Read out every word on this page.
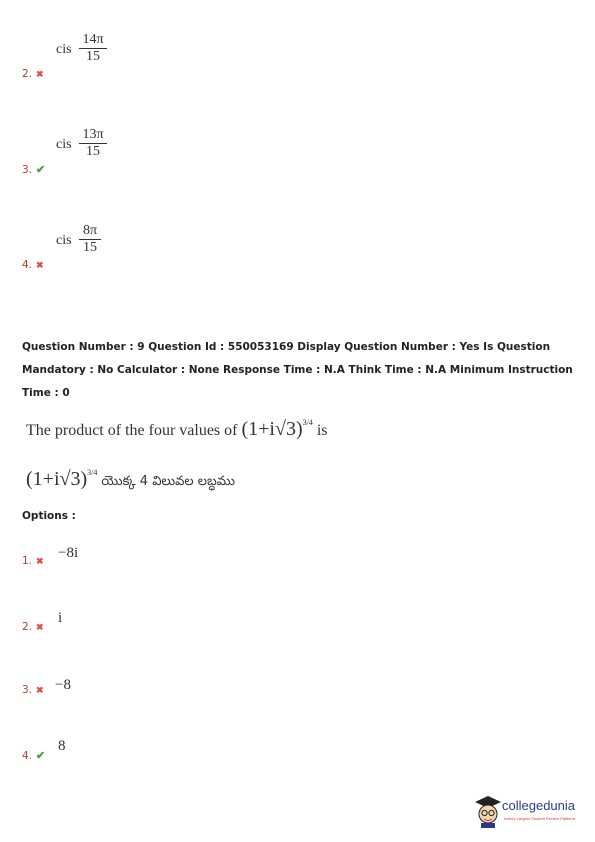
cis $\frac{14\pi}{15}$
2. ✖
cis $\frac{13\pi}{15}$
3. ✔
cis $\frac{8\pi}{15}$
4. ✖
Question Number : 9 Question Id : 550053169 Display Question Number : Yes Is Question Mandatory : No Calculator : None Response Time : N.A Think Time : N.A Minimum Instruction Time : 0
The product of the four values of $(1+i√3)^{3/4}$ is
$(1+i√3)^{3/4}$ యొక్క 4 విలువల లబ్ధము
Options :
−8i
1. ✖
i
2. ✖
−8
3. ✖
8
4. ✔
collegedunia
India's Largest Student Review Platform
